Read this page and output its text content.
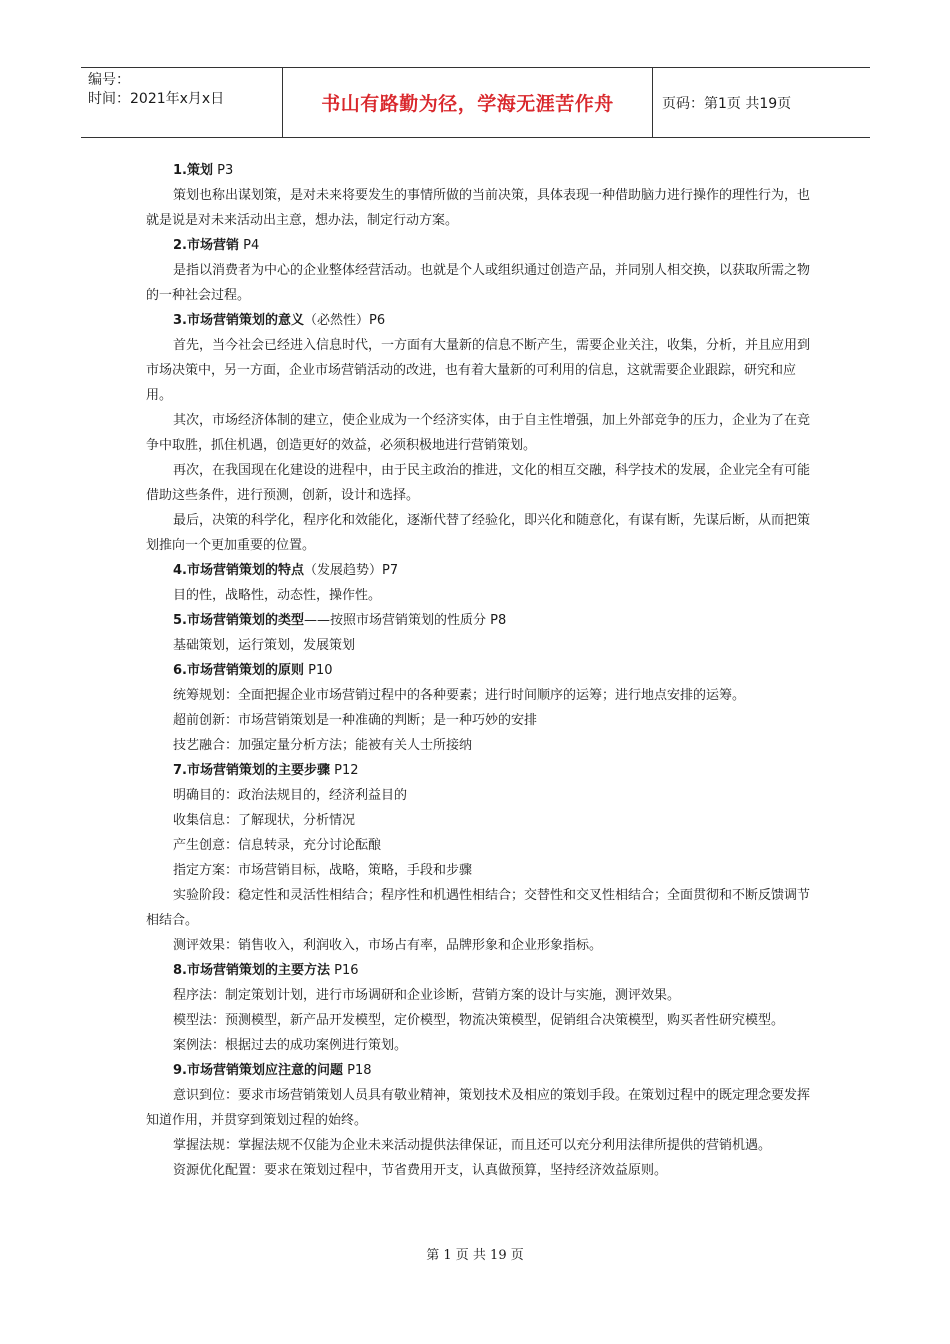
编号：
时间：2021年x月x日	书山有路勤为径，学海无涯苦作舟	页码：第1页 共19页

1.策划 P3

策划也称出谋划策，是对未来将要发生的事情所做的当前决策，具体表现一种借助脑力进行操作的理性行为，也就是说是对未来活动出主意，想办法，制定行动方案。

2.市场营销 P4

是指以消费者为中心的企业整体经营活动。也就是个人或组织通过创造产品，并同别人相交换，以获取所需之物的一种社会过程。

3.市场营销策划的意义（必然性）P6

首先，当今社会已经进入信息时代，一方面有大量新的信息不断产生，需要企业关注，收集，分析，并且应用到市场决策中，另一方面，企业市场营销活动的改进，也有着大量新的可利用的信息，这就需要企业跟踪，研究和应用。

其次，市场经济体制的建立，使企业成为一个经济实体，由于自主性增强，加上外部竞争的压力，企业为了在竞争中取胜，抓住机遇，创造更好的效益，必须积极地进行营销策划。

再次，在我国现在化建设的进程中，由于民主政治的推进，文化的相互交融，科学技术的发展，企业完全有可能借助这些条件，进行预测，创新，设计和选择。

最后，决策的科学化，程序化和效能化，逐渐代替了经验化，即兴化和随意化，有谋有断，先谋后断，从而把策划推向一个更加重要的位置。

4.市场营销策划的特点（发展趋势）P7

目的性，战略性，动态性，操作性。

5.市场营销策划的类型——按照市场营销策划的性质分 P8

基础策划，运行策划，发展策划

6.市场营销策划的原则 P10

统筹规划：全面把握企业市场营销过程中的各种要素；进行时间顺序的运筹；进行地点安排的运筹。

超前创新：市场营销策划是一种准确的判断；是一种巧妙的安排

技艺融合：加强定量分析方法；能被有关人士所接纳

7.市场营销策划的主要步骤 P12

明确目的：政治法规目的，经济利益目的

收集信息：了解现状，分析情况

产生创意：信息转录，充分讨论酝酿

指定方案：市场营销目标，战略，策略，手段和步骤

实验阶段：稳定性和灵活性相结合；程序性和机遇性相结合；交替性和交叉性相结合；全面贯彻和不断反馈调节相结合。

测评效果：销售收入，利润收入，市场占有率，品牌形象和企业形象指标。

8.市场营销策划的主要方法 P16

程序法：制定策划计划，进行市场调研和企业诊断，营销方案的设计与实施，测评效果。

模型法：预测模型，新产品开发模型，定价模型，物流决策模型，促销组合决策模型，购买者性研究模型。

案例法：根据过去的成功案例进行策划。

9.市场营销策划应注意的问题 P18

意识到位：要求市场营销策划人员具有敬业精神，策划技术及相应的策划手段。在策划过程中的既定理念要发挥知道作用，并贯穿到策划过程的始终。

掌握法规：掌握法规不仅能为企业未来活动提供法律保证，而且还可以充分利用法律所提供的营销机遇。

资源优化配置：要求在策划过程中，节省费用开支，认真做预算，坚持经济效益原则。

第 1 页 共 19 页
